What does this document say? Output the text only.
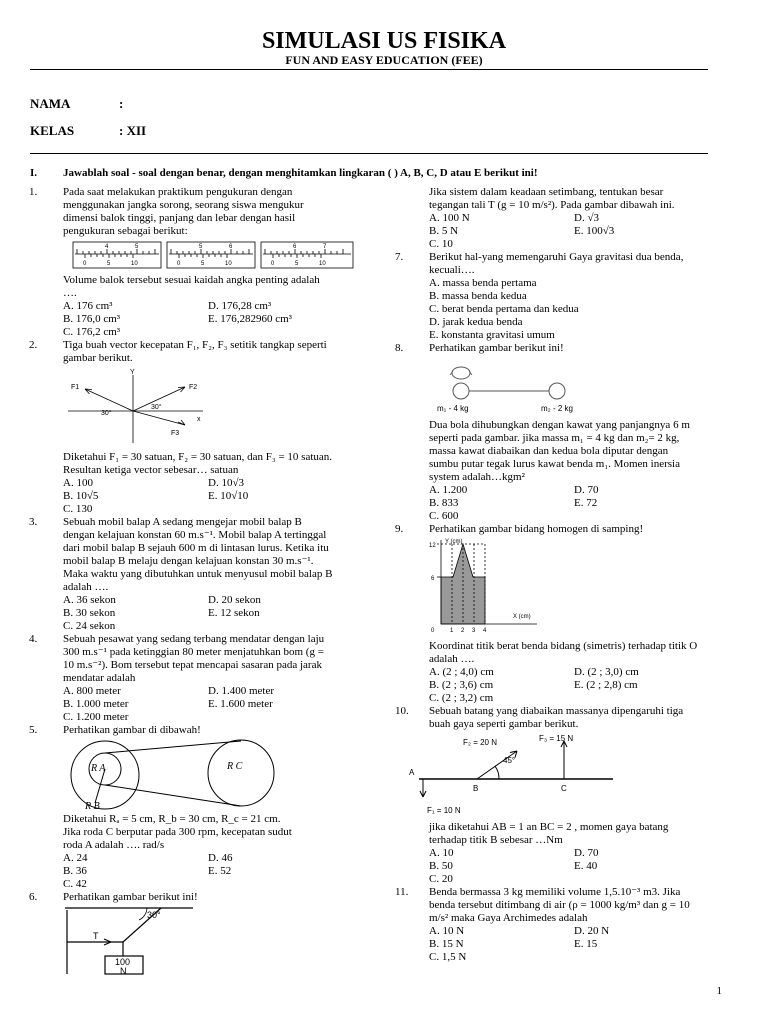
SIMULASI US FISIKA
FUN AND EASY EDUCATION (FEE)
NAMA	:
KELAS	: XII
I. Jawablah soal - soal dengan benar, dengan menghitamkan lingkaran ( ) A, B, C, D atau E berikut ini!
1. Pada saat melakukan praktikum pengukuran dengan
menggunakan jangka sorong, seorang siswa mengukur
dimensi balok tinggi, panjang dan lebar dengan hasil
pengukuran sebagai berikut:
4	5
0	5	10
5	6
0	5	10
6	7
0	5	10
Volume balok tersebut sesuai kaidah angka penting adalah
….
A. 176 cm³	D. 176,28 cm³
B. 176,0 cm³	E. 176,282960 cm³
C. 176,2 cm³
2. Tiga buah vector kecepatan F₁, F₂, F₃ setitik tangkap seperti
gambar berikut.
Y
F1	F2
F3
x
30°
30°
Diketahui F₁ = 30 satuan, F₂ = 30 satuan, dan F₃ = 10 satuan.
Resultan ketiga vector sebesar… satuan
A. 100	D. 10√3
B. 10√5	E. 10√10
C. 130
3. Sebuah mobil balap A sedang mengejar mobil balap B
dengan kelajuan konstan 60 m.s⁻¹. Mobil balap A tertinggal
dari mobil balap B sejauh 600 m di lintasan lurus. Ketika itu
mobil balap B melaju dengan kelajuan konstan 30 m.s⁻¹.
Maka waktu yang dibutuhkan untuk menyusul mobil balap B
adalah ….
A. 36 sekon	D. 20 sekon
B. 30 sekon	E. 12 sekon
C. 24 sekon
4. Sebuah pesawat yang sedang terbang mendatar dengan laju
300 m.s⁻¹ pada ketinggian 80 meter menjatuhkan bom (g =
10 m.s⁻²). Bom tersebut tepat mencapai sasaran pada jarak
mendatar adalah
A. 800 meter	D. 1.400 meter
B. 1.000 meter	E. 1.600 meter
C. 1.200 meter
5. Perhatikan gambar di dibawah!
R A
R B
R C
Diketahui Rₐ = 5 cm, R_b = 30 cm, R_c = 21 cm.
Jika roda C berputar pada 300 rpm, kecepatan sudut
roda A adalah …. rad/s
A. 24	D. 46
B. 36	E. 52
C. 42
6. Perhatikan gambar berikut ini!
30°
T
100
N
Jika sistem dalam keadaan setimbang, tentukan besar
tegangan tali T (g = 10 m/s²). Pada gambar dibawah ini.
A. 100 N	D. √3
B. 5 N	E. 100√3
C. 10
7. Berikut hal-yang memengaruhi Gaya gravitasi dua benda,
kecuali….
A. massa benda pertama
B. massa benda kedua
C. berat benda pertama dan kedua
D. jarak kedua benda
E. konstanta gravitasi umum
8. Perhatikan gambar berikut ini!
m₁ - 4 kg	m₂ - 2 kg
Dua bola dihubungkan dengan kawat yang panjangnya 6 m
seperti pada gambar. jika massa m₁ = 4 kg dan m₂= 2 kg,
massa kawat diabaikan dan kedua bola diputar dengan
sumbu putar tegak lurus kawat benda m₁. Momen inersia
system adalah…kgm²
A. 1.200	D. 70
B. 833	E. 72
C. 600
9. Perhatikan gambar bidang homogen di samping!
Y (cm)
X (cm)
12
6
0	1 2 3 4
Koordinat titik berat benda bidang (simetris) terhadap titik O
adalah ….
A. (2 ; 4,0) cm	D. (2 ; 3,0) cm
B. (2 ; 3,6) cm	E. (2 ; 2,8) cm
C. (2 ; 3,2) cm
10. Sebuah batang yang diabaikan massanya dipengaruhi tiga
buah gaya seperti gambar berikut.
F₂ = 20 N	F₃ = 15 N
45°
A
B	C
F₁ = 10 N
jika diketahui AB = 1 an BC = 2 , momen gaya batang
terhadap titik B sebesar …Nm
A. 10	D. 70
B. 50	E. 40
C. 20
11. Benda bermassa 3 kg memiliki volume 1,5.10⁻³ m3. Jika
benda tersebut ditimbang di air (ρ = 1000 kg/m³ dan g = 10
m/s² maka Gaya Archimedes adalah
A. 10 N	D. 20 N
B. 15 N	E. 15
C. 1,5 N
1
